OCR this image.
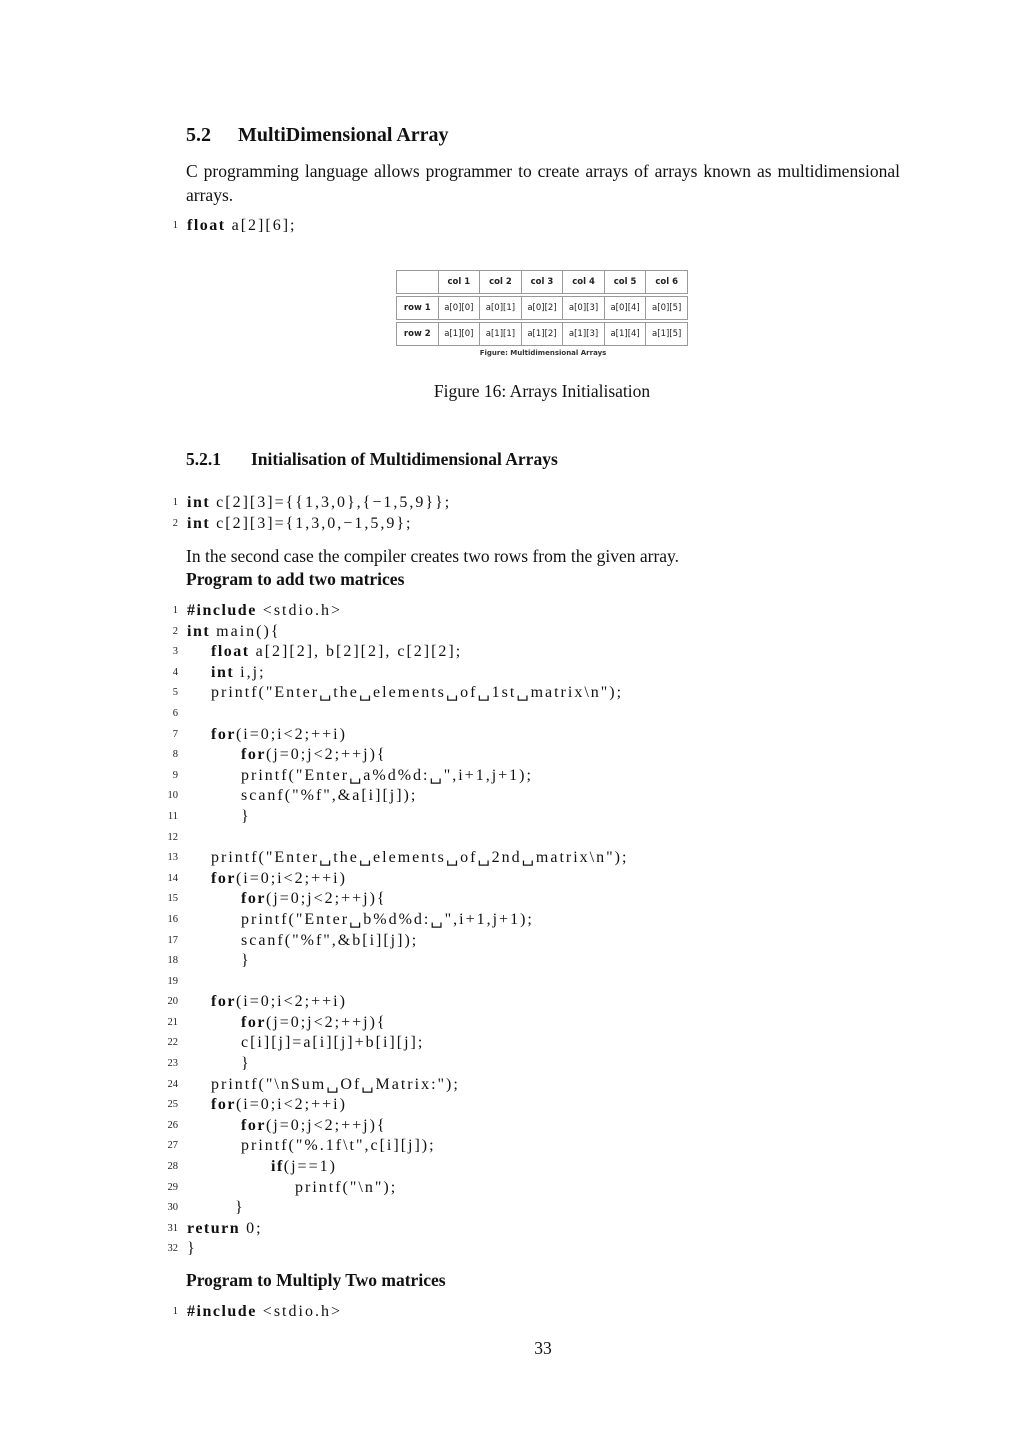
5.2 MultiDimensional Array

C programming language allows programmer to create arrays of arrays known as multidimensional arrays.

1 float a[2][6];
	col 1	col 2	col 3	col 4	col 5	col 6

row 1	a[0][0]	a[0][1]	a[0][2]	a[0][3]	a[0][4]	a[0][5]

row 2	a[1][0]	a[1][1]	a[1][2]	a[1][3]	a[1][4]	a[1][5]
Figure: Multidimensional Arrays
Figure 16: Arrays Initialisation
5.2.1 Initialisation of Multidimensional Arrays
1 int c[2][3]={{1,3,0},{−1,5,9}};
2 int c[2][3]={1,3,0,−1,5,9};

In the second case the compiler creates two rows from the given array.

Program to add two matrices

1 #include <stdio.h>
2 int main(){
3	float a[2][2], b[2][2], c[2][2];
4	int i,j;
5	printf("Enter␣the␣elements␣of␣1st␣matrix\n");
6
7	for(i=0;i<2;++i)
8	for(j=0;j<2;++j){
9	printf("Enter␣a%d%d:␣",i+1,j+1);
10	scanf("%f",&a[i][j]);
11	}
12
13	printf("Enter␣the␣elements␣of␣2nd␣matrix\n");
14	for(i=0;i<2;++i)
15	for(j=0;j<2;++j){
16	printf("Enter␣b%d%d:␣",i+1,j+1);
17	scanf("%f",&b[i][j]);
18	}
19
20	for(i=0;i<2;++i)
21	for(j=0;j<2;++j){
22	c[i][j]=a[i][j]+b[i][j];
23	}
24	printf("\nSum␣Of␣Matrix:");
25	for(i=0;i<2;++i)
26	for(j=0;j<2;++j){
27	printf("%.1f\t",c[i][j]);
28	if(j==1)
29	printf("\n");
30	}
31 return 0;
32 }

Program to Multiply Two matrices

1 #include <stdio.h>
33
